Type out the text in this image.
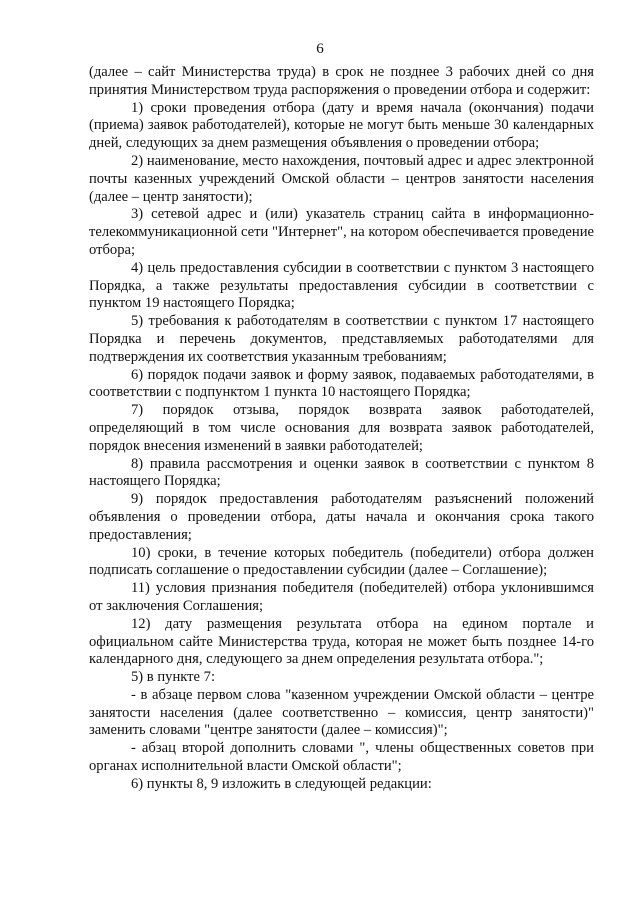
6

(далее – сайт Министерства труда) в срок не позднее 3 рабочих дней со дня принятия Министерством труда распоряжения о проведении отбора и содержит:

1) сроки проведения отбора (дату и время начала (окончания) подачи (приема) заявок работодателей), которые не могут быть меньше 30 календарных дней, следующих за днем размещения объявления о проведении отбора;

2) наименование, место нахождения, почтовый адрес и адрес электронной почты казенных учреждений Омской области – центров занятости населения (далее – центр занятости);

3) сетевой адрес и (или) указатель страниц сайта в информационно-телекоммуникационной сети "Интернет", на котором обеспечивается проведение отбора;

4) цель предоставления субсидии в соответствии с пунктом 3 настоящего Порядка, а также результаты предоставления субсидии в соответствии с пунктом 19 настоящего Порядка;

5) требования к работодателям в соответствии с пунктом 17 настоящего Порядка и перечень документов, представляемых работодателями для подтверждения их соответствия указанным требованиям;

6) порядок подачи заявок и форму заявок, подаваемых работодателями, в соответствии с подпунктом 1 пункта 10 настоящего Порядка;

7) порядок отзыва, порядок возврата заявок работодателей, определяющий в том числе основания для возврата заявок работодателей, порядок внесения изменений в заявки работодателей;

8) правила рассмотрения и оценки заявок в соответствии с пунктом 8 настоящего Порядка;

9) порядок предоставления работодателям разъяснений положений объявления о проведении отбора, даты начала и окончания срока такого предоставления;

10) сроки, в течение которых победитель (победители) отбора должен подписать соглашение о предоставлении субсидии (далее – Соглашение);

11) условия признания победителя (победителей) отбора уклонившимся от заключения Соглашения;

12) дату размещения результата отбора на едином портале и официальном сайте Министерства труда, которая не может быть позднее 14-го календарного дня, следующего за днем определения результата отбора.";

5) в пункте 7:

- в абзаце первом слова "казенном учреждении Омской области – центре занятости населения (далее соответственно – комиссия, центр занятости)" заменить словами "центре занятости (далее – комиссия)";

- абзац второй дополнить словами ", члены общественных советов при органах исполнительной власти Омской области";

6) пункты 8, 9 изложить в следующей редакции:
